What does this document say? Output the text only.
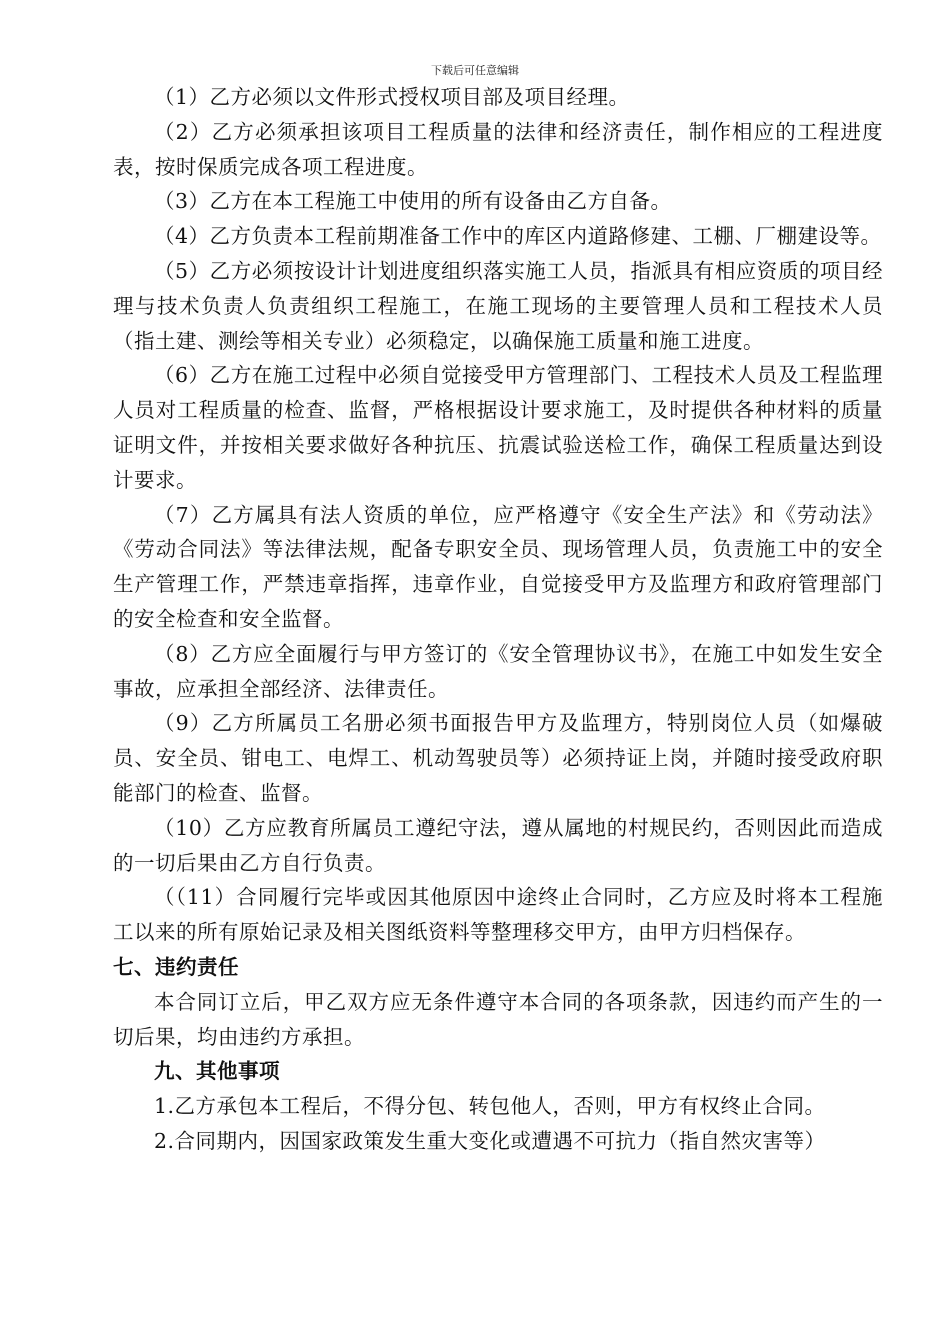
下载后可任意编辑

（1）乙方必须以文件形式授权项目部及项目经理。

（2）乙方必须承担该项目工程质量的法律和经济责任，制作相应的工程进度表，按时保质完成各项工程进度。

（3）乙方在本工程施工中使用的所有设备由乙方自备。

（4）乙方负责本工程前期准备工作中的库区内道路修建、工棚、厂棚建设等。

（5）乙方必须按设计计划进度组织落实施工人员，指派具有相应资质的项目经理与技术负责人负责组织工程施工，在施工现场的主要管理人员和工程技术人员（指土建、测绘等相关专业）必须稳定，以确保施工质量和施工进度。

（6）乙方在施工过程中必须自觉接受甲方管理部门、工程技术人员及工程监理人员对工程质量的检查、监督，严格根据设计要求施工，及时提供各种材料的质量证明文件，并按相关要求做好各种抗压、抗震试验送检工作，确保工程质量达到设计要求。

（7）乙方属具有法人资质的单位，应严格遵守《安全生产法》和《劳动法》《劳动合同法》等法律法规，配备专职安全员、现场管理人员，负责施工中的安全生产管理工作，严禁违章指挥，违章作业，自觉接受甲方及监理方和政府管理部门的安全检查和安全监督。

（8）乙方应全面履行与甲方签订的《安全管理协议书》，在施工中如发生安全事故，应承担全部经济、法律责任。

（9）乙方所属员工名册必须书面报告甲方及监理方，特别岗位人员（如爆破员、安全员、钳电工、电焊工、机动驾驶员等）必须持证上岗，并随时接受政府职能部门的检查、监督。

（10）乙方应教育所属员工遵纪守法，遵从属地的村规民约，否则因此而造成的一切后果由乙方自行负责。

（（11）合同履行完毕或因其他原因中途终止合同时，乙方应及时将本工程施工以来的所有原始记录及相关图纸资料等整理移交甲方，由甲方归档保存。

七、违约责任

本合同订立后，甲乙双方应无条件遵守本合同的各项条款，因违约而产生的一切后果，均由违约方承担。

九、其他事项

1.乙方承包本工程后，不得分包、转包他人，否则，甲方有权终止合同。

2.合同期内，因国家政策发生重大变化或遭遇不可抗力（指自然灾害等）
